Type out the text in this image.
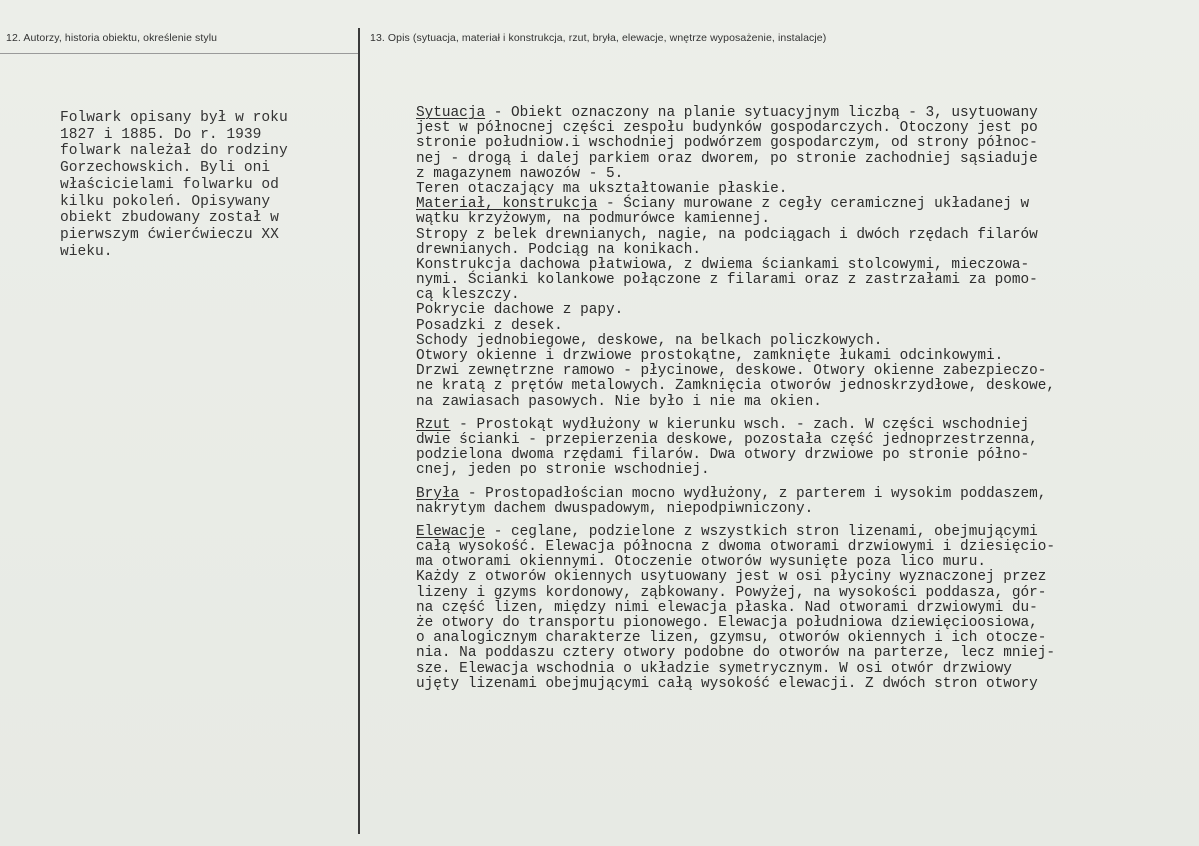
12. Autorzy, historia obiektu, określenie stylu	13. Opis (sytuacja, materiał i konstrukcja, rzut, bryła, elewacje, wnętrze wyposażenie, instalacje)
Folwark opisany był w roku
1827 i 1885. Do r. 1939
folwark należał do rodziny
Gorzechowskich. Byli oni
właścicielami folwarku od
kilku pokoleń. Opisywany
obiekt zbudowany został w
pierwszym ćwierćwieczu XX
wieku.
Sytuacja - Obiekt oznaczony na planie sytuacyjnym liczbą - 3, usytuowany
jest w północnej części zespołu budynków gospodarczych. Otoczony jest po
stronie południow.i wschodniej podwórzem gospodarczym, od strony północ-
nej - drogą i dalej parkiem oraz dworem, po stronie zachodniej sąsiaduje
z magazynem nawozów - 5.
Teren otaczający ma ukształtowanie płaskie.
Materiał, konstrukcja - Ściany murowane z cegły ceramicznej układanej w
wątku krzyżowym, na podmurówce kamiennej.
Stropy z belek drewnianych, nagie, na podciągach i dwóch rzędach filarów
drewnianych. Podciąg na konikach.
Konstrukcja dachowa płatwiowa, z dwiema ściankami stolcowymi, mieczowa-
nymi. Ścianki kolankowe połączone z filarami oraz z zastrzałami za pomo-
cą kleszczy.
Pokrycie dachowe z papy.
Posadzki z desek.
Schody jednobiegowe, deskowe, na belkach policzkowych.
Otwory okienne i drzwiowe prostokątne, zamknięte łukami odcinkowymi.
Drzwi zewnętrzne ramowo - płycinowe, deskowe. Otwory okienne zabezpieczo-
ne kratą z prętów metalowych. Zamknięcia otworów jednoskrzydłowe, deskowe,
na zawiasach pasowych. Nie było i nie ma okien.
Rzut - Prostokąt wydłużony w kierunku wsch. - zach. W części wschodniej
dwie ścianki - przepierzenia deskowe, pozostała część jednoprzestrzenna,
podzielona dwoma rzędami filarów. Dwa otwory drzwiowe po stronie półno-
cnej, jeden po stronie wschodniej.
Bryła - Prostopadłościan mocno wydłużony, z parterem i wysokim poddaszem,
nakrytym dachem dwuspadowym, niepodpiwniczony.
Elewacje - ceglane, podzielone z wszystkich stron lizenami, obejmującymi
całą wysokość. Elewacja północna z dwoma otworami drzwiowymi i dziesięcio-
ma otworami okiennymi. Otoczenie otworów wysunięte poza lico muru.
Każdy z otworów okiennych usytuowany jest w osi płyciny wyznaczonej przez
lizeny i gzyms kordonowy, ząbkowany. Powyżej, na wysokości poddasza, gór-
na część lizen, między nimi elewacja płaska. Nad otworami drzwiowymi du-
że otwory do transportu pionowego. Elewacja południowa dziewięcioosiowa,
o analogicznym charakterze lizen, gzymsu, otworów okiennych i ich otocze-
nia. Na poddaszu cztery otwory podobne do otworów na parterze, lecz mniej-
sze. Elewacja wschodnia o układzie symetrycznym. W osi otwór drzwiowy
ujęty lizenami obejmującymi całą wysokość elewacji. Z dwóch stron otwory
